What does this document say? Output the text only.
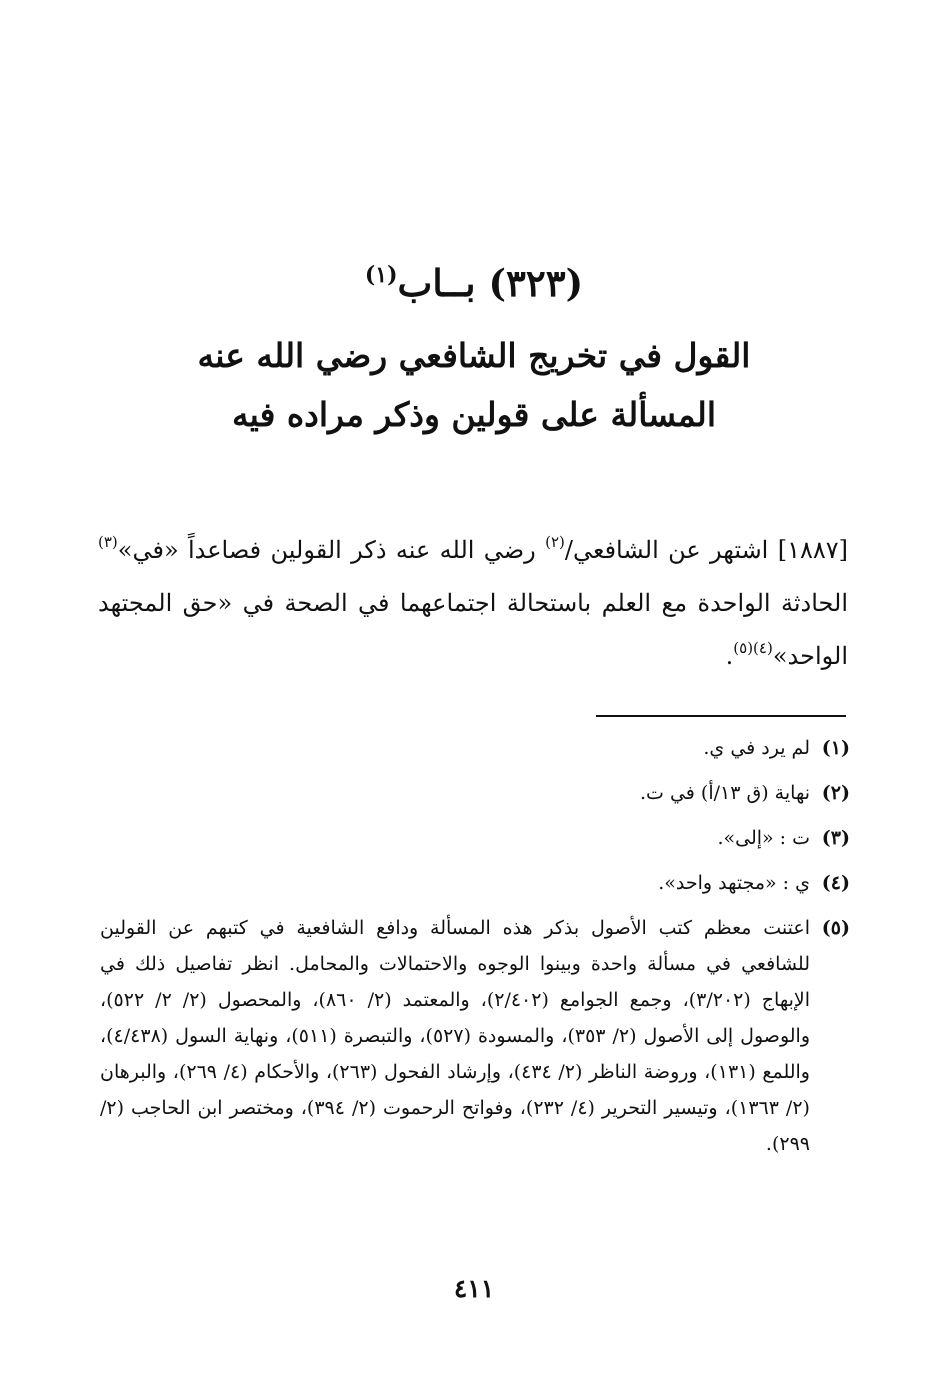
(٣٢٣) بــاب$^{(١)}$
القول في تخريج الشافعي رضي الله عنه
المسألة على قولين وذكر مراده فيه

[١٨٨٧] اشتهر عن الشافعي/$^{(٢)}$ رضي الله عنه ذكر القولين فصاعداً «في»$^{(٣)}$ الحادثة الواحدة مع العلم باستحالة اجتماعهما في الصحة في «حق المجتهد الواحد»$^{(٤)(٥)}$.

(١)
لم يرد في ي.
(٢)
نهاية (ق ١٣/أ) في ت.
(٣)
ت : «إلى».
(٤)
ي : «مجتهد واحد».
(٥)
اعتنت معظم كتب الأصول بذكر هذه المسألة ودافع الشافعية في كتبهم عن القولين للشافعي في مسألة واحدة وبينوا الوجوه والاحتمالات والمحامل. انظر تفاصيل ذلك في الإبهاج (٣/٢٠٢)، وجمع الجوامع (٢/٤٠٢)، والمعتمد (٢/ ٨٦٠)، والمحصول (٢/ ٢/ ٥٢٢)، والوصول إلى الأصول (٢/ ٣٥٣)، والمسودة (٥٢٧)، والتبصرة (٥١١)، ونهاية السول (٤/٤٣٨)، واللمع (١٣١)، وروضة الناظر (٢/ ٤٣٤)، وإرشاد الفحول (٢٦٣)، والأحكام (٤/ ٢٦٩)، والبرهان (٢/ ١٣٦٣)، وتيسير التحرير (٤/ ٢٣٢)، وفواتح الرحموت (٢/ ٣٩٤)، ومختصر ابن الحاجب (٢/ ٢٩٩).
٤١١
